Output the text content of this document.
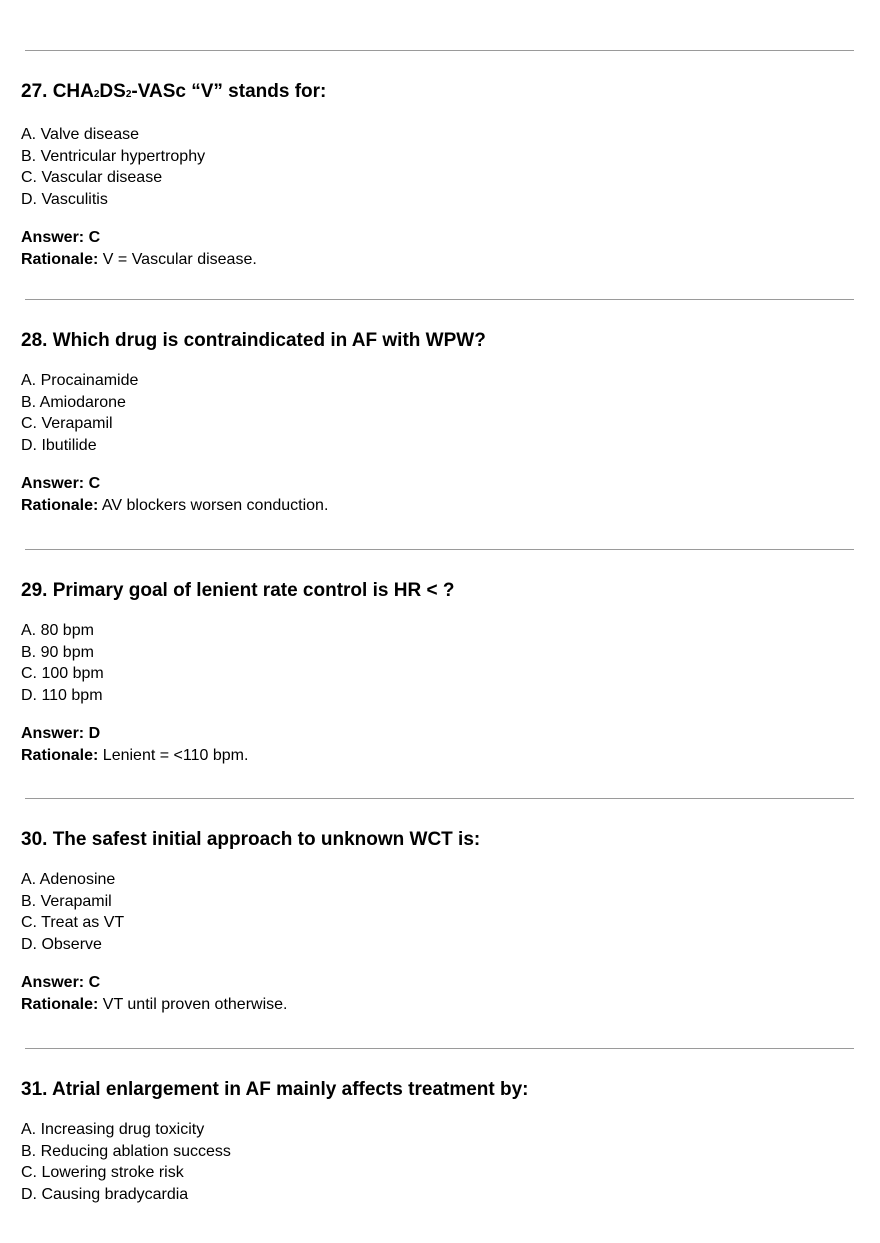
27. CHA2DS2-VASc “V” stands for:
A. Valve disease
B. Ventricular hypertrophy
C. Vascular disease
D. Vasculitis
Answer: C
Rationale: V = Vascular disease.
28. Which drug is contraindicated in AF with WPW?
A. Procainamide
B. Amiodarone
C. Verapamil
D. Ibutilide
Answer: C
Rationale: AV blockers worsen conduction.
29. Primary goal of lenient rate control is HR < ?
A. 80 bpm
B. 90 bpm
C. 100 bpm
D. 110 bpm
Answer: D
Rationale: Lenient = <110 bpm.
30. The safest initial approach to unknown WCT is:
A. Adenosine
B. Verapamil
C. Treat as VT
D. Observe
Answer: C
Rationale: VT until proven otherwise.
31. Atrial enlargement in AF mainly affects treatment by:
A. Increasing drug toxicity
B. Reducing ablation success
C. Lowering stroke risk
D. Causing bradycardia
